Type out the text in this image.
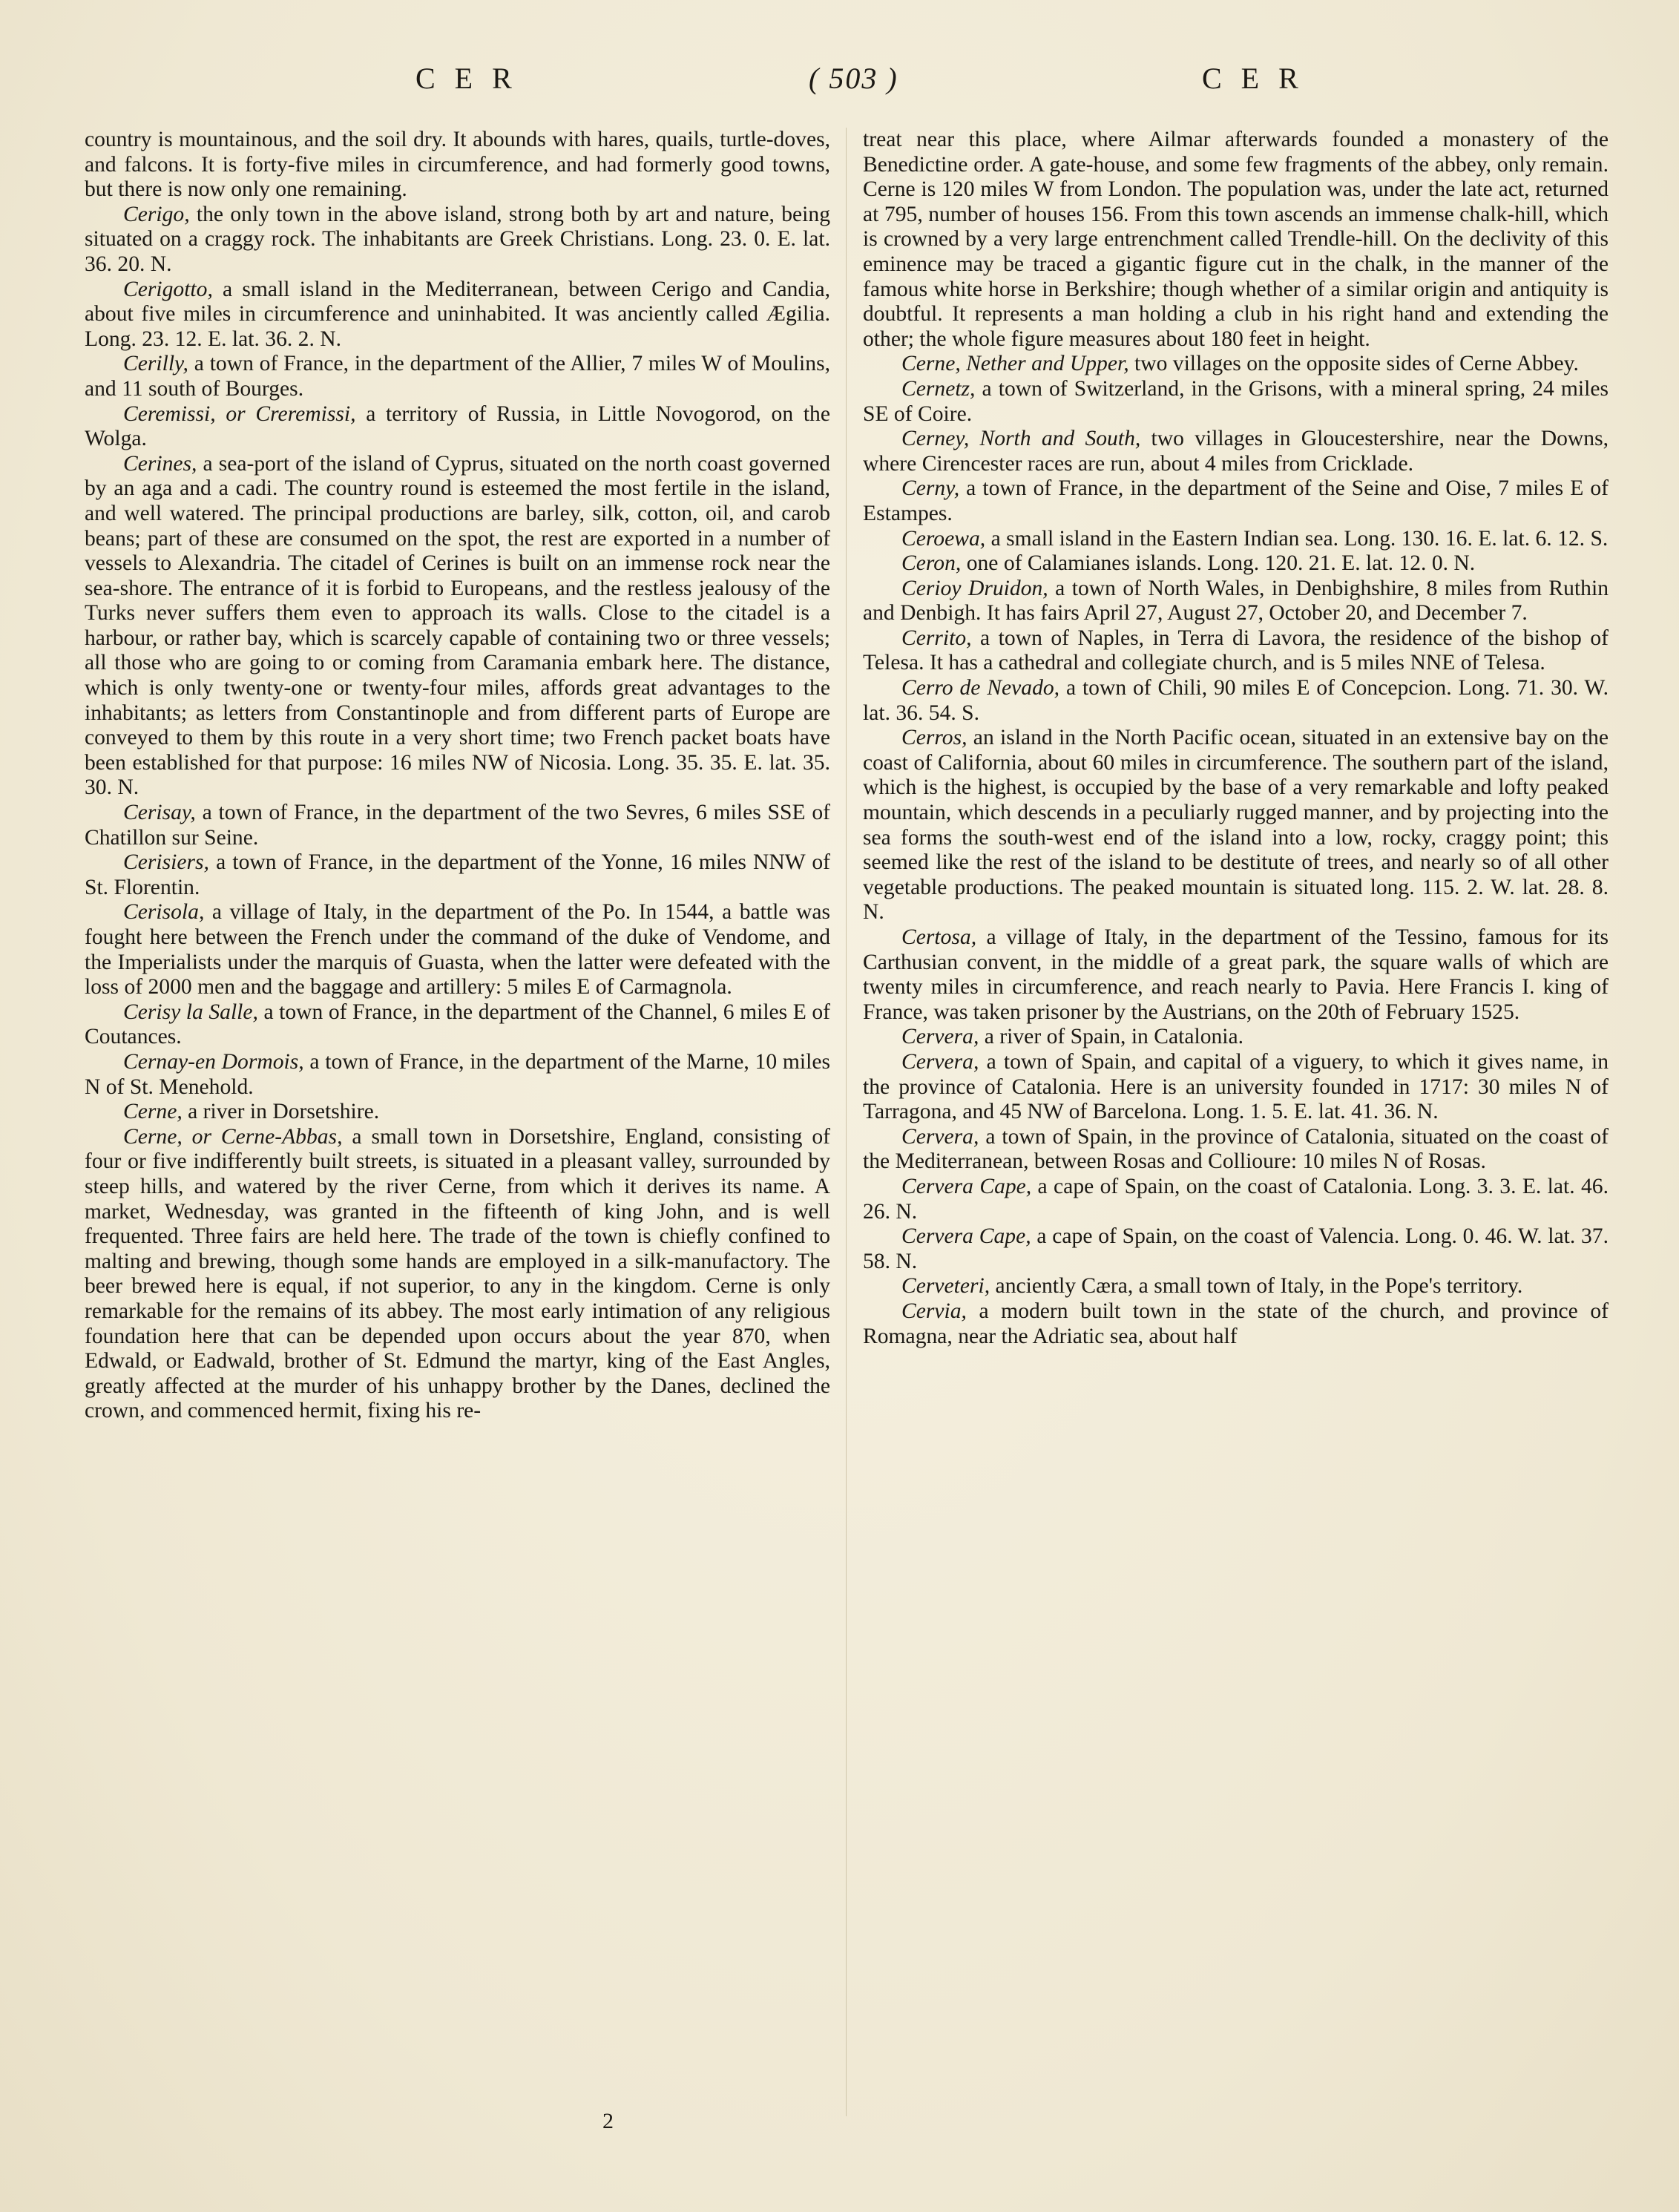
C E R	( 503 )	C E R

country is mountainous, and the soil dry. It abounds with hares, quails, turtle-doves, and falcons. It is forty-five miles in circumference, and had formerly good towns, but there is now only one remaining.

Cerigo, the only town in the above island, strong both by art and nature, being situated on a craggy rock. The inhabitants are Greek Christians. Long. 23. 0. E. lat. 36. 20. N.

Cerigotto, a small island in the Mediterranean, between Cerigo and Candia, about five miles in circumference and uninhabited. It was anciently called Ægilia. Long. 23. 12. E. lat. 36. 2. N.

Cerilly, a town of France, in the department of the Allier, 7 miles W of Moulins, and 11 south of Bourges.

Ceremissi, or Creremissi, a territory of Russia, in Little Novogorod, on the Wolga.

Cerines, a sea-port of the island of Cyprus, situated on the north coast governed by an aga and a cadi. The country round is esteemed the most fertile in the island, and well watered. The principal productions are barley, silk, cotton, oil, and carob beans; part of these are consumed on the spot, the rest are exported in a number of vessels to Alexandria. The citadel of Cerines is built on an immense rock near the sea-shore. The entrance of it is forbid to Europeans, and the restless jealousy of the Turks never suffers them even to approach its walls. Close to the citadel is a harbour, or rather bay, which is scarcely capable of containing two or three vessels; all those who are going to or coming from Caramania embark here. The distance, which is only twenty-one or twenty-four miles, affords great advantages to the inhabitants; as letters from Constantinople and from different parts of Europe are conveyed to them by this route in a very short time; two French packet boats have been established for that purpose: 16 miles NW of Nicosia. Long. 35. 35. E. lat. 35. 30. N.

Cerisay, a town of France, in the department of the two Sevres, 6 miles SSE of Chatillon sur Seine.

Cerisiers, a town of France, in the department of the Yonne, 16 miles NNW of St. Florentin.

Cerisola, a village of Italy, in the department of the Po. In 1544, a battle was fought here between the French under the command of the duke of Vendome, and the Imperialists under the marquis of Guasta, when the latter were defeated with the loss of 2000 men and the baggage and artillery: 5 miles E of Carmagnola.

Cerisy la Salle, a town of France, in the department of the Channel, 6 miles E of Coutances.

Cernay-en Dormois, a town of France, in the department of the Marne, 10 miles N of St. Menehold.

Cerne, a river in Dorsetshire.

Cerne, or Cerne-Abbas, a small town in Dorsetshire, England, consisting of four or five indifferently built streets, is situated in a pleasant valley, surrounded by steep hills, and watered by the river Cerne, from which it derives its name. A market, Wednesday, was granted in the fifteenth of king John, and is well frequented. Three fairs are held here. The trade of the town is chiefly confined to malting and brewing, though some hands are employed in a silk-manufactory. The beer brewed here is equal, if not superior, to any in the kingdom. Cerne is only remarkable for the remains of its abbey. The most early intimation of any religious foundation here that can be depended upon occurs about the year 870, when Edwald, or Eadwald, brother of St. Edmund the martyr, king of the East Angles, greatly affected at the murder of his unhappy brother by the Danes, declined the crown, and commenced hermit, fixing his re-

treat near this place, where Ailmar afterwards founded a monastery of the Benedictine order. A gate-house, and some few fragments of the abbey, only remain. Cerne is 120 miles W from London. The population was, under the late act, returned at 795, number of houses 156. From this town ascends an immense chalk-hill, which is crowned by a very large entrenchment called Trendle-hill. On the declivity of this eminence may be traced a gigantic figure cut in the chalk, in the manner of the famous white horse in Berkshire; though whether of a similar origin and antiquity is doubtful. It represents a man holding a club in his right hand and extending the other; the whole figure measures about 180 feet in height.

Cerne, Nether and Upper, two villages on the opposite sides of Cerne Abbey.

Cernetz, a town of Switzerland, in the Grisons, with a mineral spring, 24 miles SE of Coire.

Cerney, North and South, two villages in Gloucestershire, near the Downs, where Cirencester races are run, about 4 miles from Cricklade.

Cerny, a town of France, in the department of the Seine and Oise, 7 miles E of Estampes.

Ceroewa, a small island in the Eastern Indian sea. Long. 130. 16. E. lat. 6. 12. S.

Ceron, one of Calamianes islands. Long. 120. 21. E. lat. 12. 0. N.

Cerioy Druidon, a town of North Wales, in Denbighshire, 8 miles from Ruthin and Denbigh. It has fairs April 27, August 27, October 20, and December 7.

Cerrito, a town of Naples, in Terra di Lavora, the residence of the bishop of Telesa. It has a cathedral and collegiate church, and is 5 miles NNE of Telesa.

Cerro de Nevado, a town of Chili, 90 miles E of Concepcion. Long. 71. 30. W. lat. 36. 54. S.

Cerros, an island in the North Pacific ocean, situated in an extensive bay on the coast of California, about 60 miles in circumference. The southern part of the island, which is the highest, is occupied by the base of a very remarkable and lofty peaked mountain, which descends in a peculiarly rugged manner, and by projecting into the sea forms the south-west end of the island into a low, rocky, craggy point; this seemed like the rest of the island to be destitute of trees, and nearly so of all other vegetable productions. The peaked mountain is situated long. 115. 2. W. lat. 28. 8. N.

Certosa, a village of Italy, in the department of the Tessino, famous for its Carthusian convent, in the middle of a great park, the square walls of which are twenty miles in circumference, and reach nearly to Pavia. Here Francis I. king of France, was taken prisoner by the Austrians, on the 20th of February 1525.

Cervera, a river of Spain, in Catalonia.

Cervera, a town of Spain, and capital of a viguery, to which it gives name, in the province of Catalonia. Here is an university founded in 1717: 30 miles N of Tarragona, and 45 NW of Barcelona. Long. 1. 5. E. lat. 41. 36. N.

Cervera, a town of Spain, in the province of Catalonia, situated on the coast of the Mediterranean, between Rosas and Collioure: 10 miles N of Rosas.

Cervera Cape, a cape of Spain, on the coast of Catalonia. Long. 3. 3. E. lat. 46. 26. N.

Cervera Cape, a cape of Spain, on the coast of Valencia. Long. 0. 46. W. lat. 37. 58. N.

Cerveteri, anciently Cæra, a small town of Italy, in the Pope's territory.

Cervia, a modern built town in the state of the church, and province of Romagna, near the Adriatic sea, about half

2
